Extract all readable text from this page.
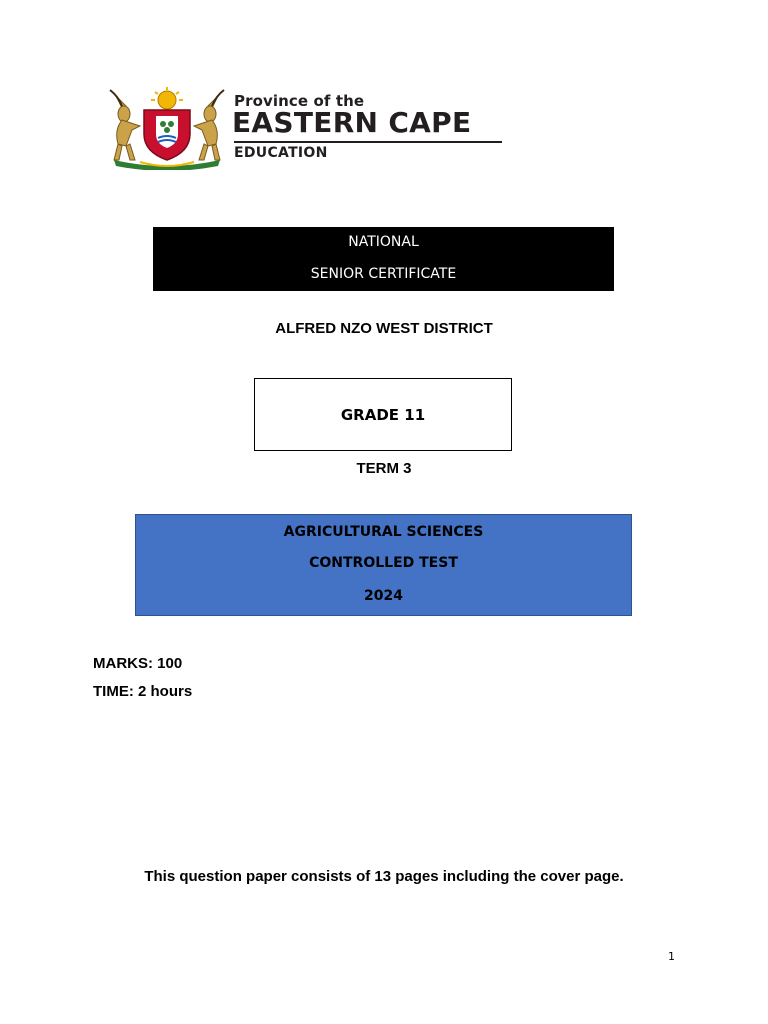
Province of the
EASTERN CAPE
EDUCATION
NATIONAL
SENIOR CERTIFICATE
ALFRED NZO WEST DISTRICT
GRADE 11
TERM 3
AGRICULTURAL SCIENCES
CONTROLLED TEST
2024
MARKS: 100
TIME: 2 hours
This question paper consists of 13 pages including the cover page.
1
